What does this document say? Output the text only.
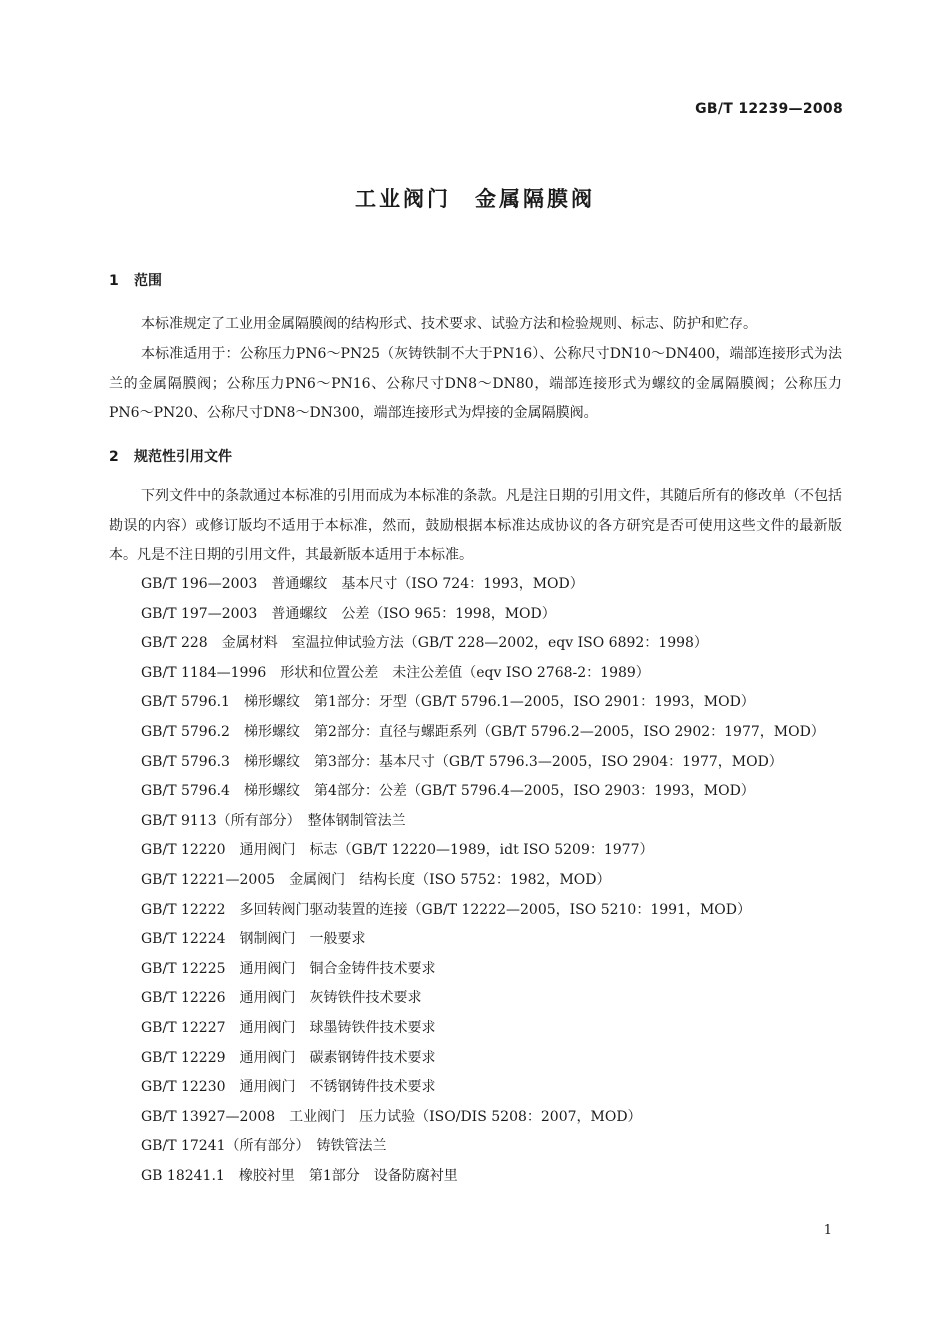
GB/T 12239—2008
工业阀门　金属隔膜阀
1 范围

本标准规定了工业用金属隔膜阀的结构形式、技术要求、试验方法和检验规则、标志、防护和贮存。

本标准适用于：公称压力PN6～PN25（灰铸铁制不大于PN16）、公称尺寸DN10～DN400，端部连接形式为法兰的金属隔膜阀；公称压力PN6～PN16、公称尺寸DN8～DN80，端部连接形式为螺纹的金属隔膜阀；公称压力PN6～PN20、公称尺寸DN8～DN300，端部连接形式为焊接的金属隔膜阀。

2 规范性引用文件

下列文件中的条款通过本标准的引用而成为本标准的条款。凡是注日期的引用文件，其随后所有的修改单（不包括勘误的内容）或修订版均不适用于本标准，然而，鼓励根据本标准达成协议的各方研究是否可使用这些文件的最新版本。凡是不注日期的引用文件，其最新版本适用于本标准。

GB/T 196—2003　普通螺纹　基本尺寸（ISO 724：1993，MOD）
GB/T 197—2003　普通螺纹　公差（ISO 965：1998，MOD）
GB/T 228　金属材料　室温拉伸试验方法（GB/T 228—2002，eqv ISO 6892：1998）
GB/T 1184—1996　形状和位置公差　未注公差值（eqv ISO 2768-2：1989）
GB/T 5796.1　梯形螺纹　第1部分：牙型（GB/T 5796.1—2005，ISO 2901：1993，MOD）
GB/T 5796.2　梯形螺纹　第2部分：直径与螺距系列（GB/T 5796.2—2005，ISO 2902：1977，MOD）
GB/T 5796.3　梯形螺纹　第3部分：基本尺寸（GB/T 5796.3—2005，ISO 2904：1977，MOD）
GB/T 5796.4　梯形螺纹　第4部分：公差（GB/T 5796.4—2005，ISO 2903：1993，MOD）
GB/T 9113（所有部分）　整体钢制管法兰
GB/T 12220　通用阀门　标志（GB/T 12220—1989，idt ISO 5209：1977）
GB/T 12221—2005　金属阀门　结构长度（ISO 5752：1982，MOD）
GB/T 12222　多回转阀门驱动装置的连接（GB/T 12222—2005，ISO 5210：1991，MOD）
GB/T 12224　钢制阀门　一般要求
GB/T 12225　通用阀门　铜合金铸件技术要求
GB/T 12226　通用阀门　灰铸铁件技术要求
GB/T 12227　通用阀门　球墨铸铁件技术要求
GB/T 12229　通用阀门　碳素钢铸件技术要求
GB/T 12230　通用阀门　不锈钢铸件技术要求
GB/T 13927—2008　工业阀门　压力试验（ISO/DIS 5208：2007，MOD）
GB/T 17241（所有部分）　铸铁管法兰
GB 18241.1　橡胶衬里　第1部分　设备防腐衬里
1
